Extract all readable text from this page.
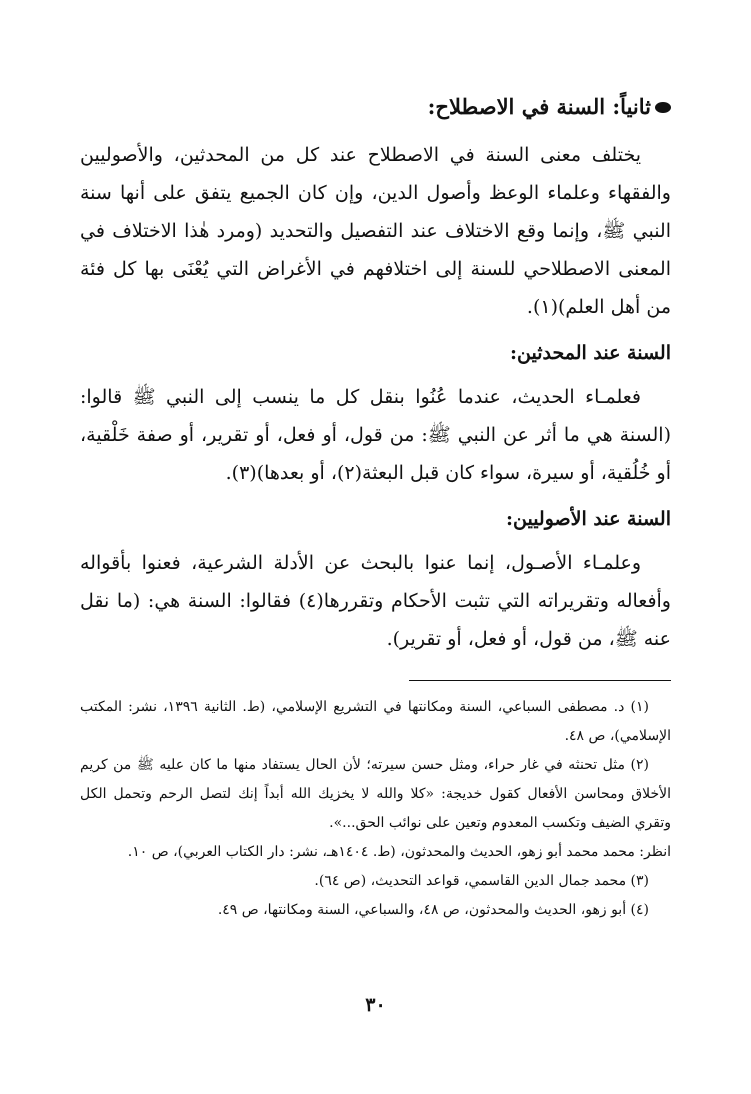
ثانياً: السنة في الاصطلاح:

يختلف معنى السنة في الاصطلاح عند كل من المحدثين، والأصوليين والفقهاء وعلماء الوعظ وأصول الدين، وإن كان الجميع يتفق على أنها سنة النبي ﷺ، وإنما وقع الاختلاف عند التفصيل والتحديد (ومرد هٰذا الاختلاف في المعنى الاصطلاحي للسنة إلى اختلافهم في الأغراض التي يُعْنَى بها كل فئة من أهل العلم)(١).

السنة عند المحدثين:

فعلمـاء الحديث، عندما عُنُوا بنقل كل ما ينسب إلى النبي ﷺ قالوا: (السنة هي ما أثر عن النبي ﷺ: من قول، أو فعل، أو تقرير، أو صفة خَلْقية، أو خُلُقية، أو سيرة، سواء كان قبل البعثة(٢)، أو بعدها)(٣).

السنة عند الأصوليين:

وعلمـاء الأصـول، إنما عنوا بالبحث عن الأدلة الشرعية، فعنوا بأقواله وأفعاله وتقريراته التي تثبت الأحكام وتقررها(٤) فقالوا: السنة هي: (ما نقل عنه ﷺ، من قول، أو فعل، أو تقرير).

(١) د. مصطفى السباعي، السنة ومكانتها في التشريع الإسلامي، (ط. الثانية ١٣٩٦، نشر: المكتب الإسلامي)، ص ٤٨.

(٢) مثل تحنثه في غار حراء، ومثل حسن سيرته؛ لأن الحال يستفاد منها ما كان عليه ﷺ من كريم الأخلاق ومحاسن الأفعال كقول خديجة: «كلا والله لا يخزيك الله أبداً إنك لتصل الرحم وتحمل الكل وتقري الضيف وتكسب المعدوم وتعين على نوائب الحق...».

انظر: محمد محمد أبو زهو، الحديث والمحدثون، (ط. ١٤٠٤هـ، نشر: دار الكتاب العربي)، ص ١٠.

(٣) محمد جمال الدين القاسمي، قواعد التحديث، (ص ٦٤).

(٤) أبو زهو، الحديث والمحدثون، ص ٤٨، والسباعي، السنة ومكانتها، ص ٤٩.

٣٠
